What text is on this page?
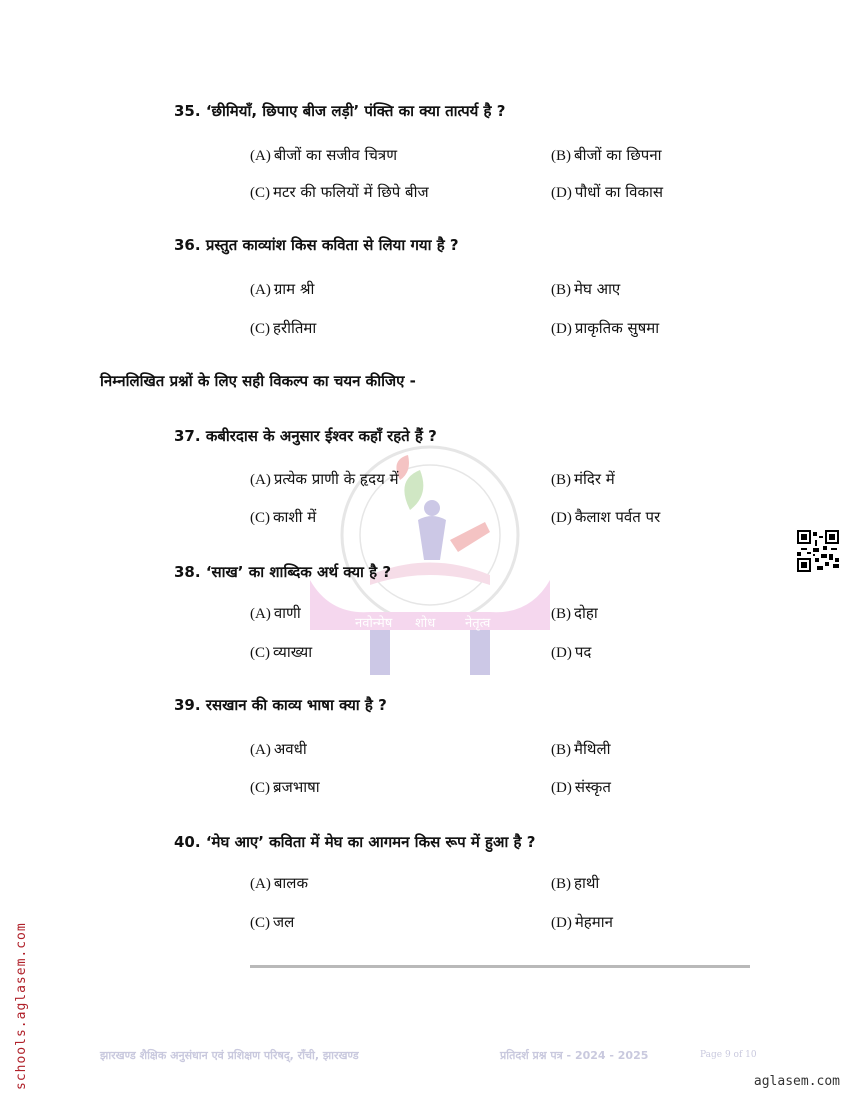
नवोन्मेष शोध नेतृत्व
35. ‘छीमियाँ, छिपाए बीज लड़ी’ पंक्ति का क्या तात्पर्य है ?
(A) बीजों का सजीव चित्रण	(B) बीजों का छिपना
(C) मटर की फलियों में छिपे बीज	(D) पौधों का विकास
36. प्रस्तुत काव्यांश किस कविता से लिया गया है ?
(A) ग्राम श्री	(B) मेघ आए
(C) हरीतिमा	(D) प्राकृतिक सुषमा
निम्नलिखित प्रश्नों के लिए सही विकल्प का चयन कीजिए -
37. कबीरदास के अनुसार ईश्वर कहाँ रहते हैं ?
(A) प्रत्येक प्राणी के हृदय में	(B) मंदिर में
(C) काशी में	(D) कैलाश पर्वत पर
38. ‘साख’ का शाब्दिक अर्थ क्या है ?
(A) वाणी	(B) दोहा
(C) व्याख्या	(D) पद
39. रसखान की काव्य भाषा क्या है ?
(A) अवधी	(B) मैथिली
(C) ब्रजभाषा	(D) संस्कृत
40. ‘मेघ आए’ कविता में मेघ का आगमन किस रूप में हुआ है ?
(A) बालक	(B) हाथी
(C) जल	(D) मेहमान
झारखण्ड शैक्षिक अनुसंधान एवं प्रशिक्षण परिषद्, राँची, झारखण्ड	प्रतिदर्श प्रश्न पत्र - 2024 - 2025	Page 9 of 10
schools.aglasem.com	aglasem.com
